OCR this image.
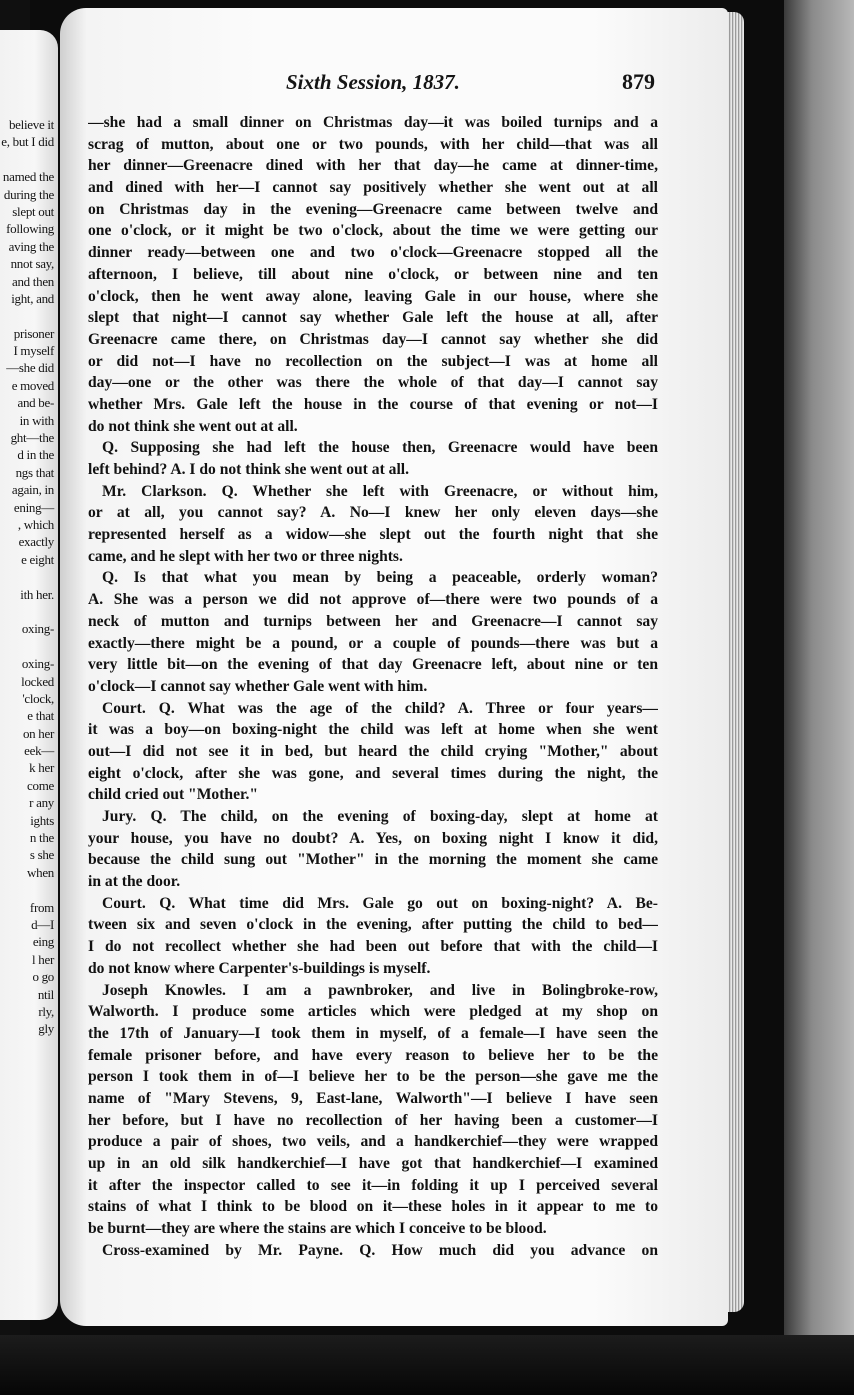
believe it
e, but I did
named the
during the
slept out
following
aving the
nnot say,
and then
ight, and
prisoner
I myself
—she did
e moved
and be-
in with
ght—the
d in the
ngs that
again, in
ening—
, which
exactly
e eight
ith her.
oxing-
oxing-
locked
'clock,
e that
on her
eek—
k her
come
r any
ights
n the
s she
when
from
d—I
eing
l her
o go
ntil
rly,
gly
Sixth Session, 1837.	879
—she had a small dinner on Christmas day—it was boiled turnips and a
scrag of mutton, about one or two pounds, with her child—that was all
her dinner—Greenacre dined with her that day—he came at dinner-time,
and dined with her—I cannot say positively whether she went out at all
on Christmas day in the evening—Greenacre came between twelve and
one o'clock, or it might be two o'clock, about the time we were getting our
dinner ready—between one and two o'clock—Greenacre stopped all the
afternoon, I believe, till about nine o'clock, or between nine and ten
o'clock, then he went away alone, leaving Gale in our house, where she
slept that night—I cannot say whether Gale left the house at all, after
Greenacre came there, on Christmas day—I cannot say whether she did
or did not—I have no recollection on the subject—I was at home all
day—one or the other was there the whole of that day—I cannot say
whether Mrs. Gale left the house in the course of that evening or not—I
do not think she went out at all.
Q. Supposing she had left the house then, Greenacre would have been
left behind? A. I do not think she went out at all.
Mr. Clarkson. Q. Whether she left with Greenacre, or without him,
or at all, you cannot say? A. No—I knew her only eleven days—she
represented herself as a widow—she slept out the fourth night that she
came, and he slept with her two or three nights.
Q. Is that what you mean by being a peaceable, orderly woman?
A. She was a person we did not approve of—there were two pounds of a
neck of mutton and turnips between her and Greenacre—I cannot say
exactly—there might be a pound, or a couple of pounds—there was but a
very little bit—on the evening of that day Greenacre left, about nine or ten
o'clock—I cannot say whether Gale went with him.
Court. Q. What was the age of the child? A. Three or four years—
it was a boy—on boxing-night the child was left at home when she went
out—I did not see it in bed, but heard the child crying "Mother," about
eight o'clock, after she was gone, and several times during the night, the
child cried out "Mother."
Jury. Q. The child, on the evening of boxing-day, slept at home at
your house, you have no doubt? A. Yes, on boxing night I know it did,
because the child sung out "Mother" in the morning the moment she came
in at the door.
Court. Q. What time did Mrs. Gale go out on boxing-night? A. Be-
tween six and seven o'clock in the evening, after putting the child to bed—
I do not recollect whether she had been out before that with the child—I
do not know where Carpenter's-buildings is myself.
Joseph Knowles. I am a pawnbroker, and live in Bolingbroke-row,
Walworth. I produce some articles which were pledged at my shop on
the 17th of January—I took them in myself, of a female—I have seen the
female prisoner before, and have every reason to believe her to be the
person I took them in of—I believe her to be the person—she gave me the
name of "Mary Stevens, 9, East-lane, Walworth"—I believe I have seen
her before, but I have no recollection of her having been a customer—I
produce a pair of shoes, two veils, and a handkerchief—they were wrapped
up in an old silk handkerchief—I have got that handkerchief—I examined
it after the inspector called to see it—in folding it up I perceived several
stains of what I think to be blood on it—these holes in it appear to me to
be burnt—they are where the stains are which I conceive to be blood.
Cross-examined by Mr. Payne. Q. How much did you advance on
